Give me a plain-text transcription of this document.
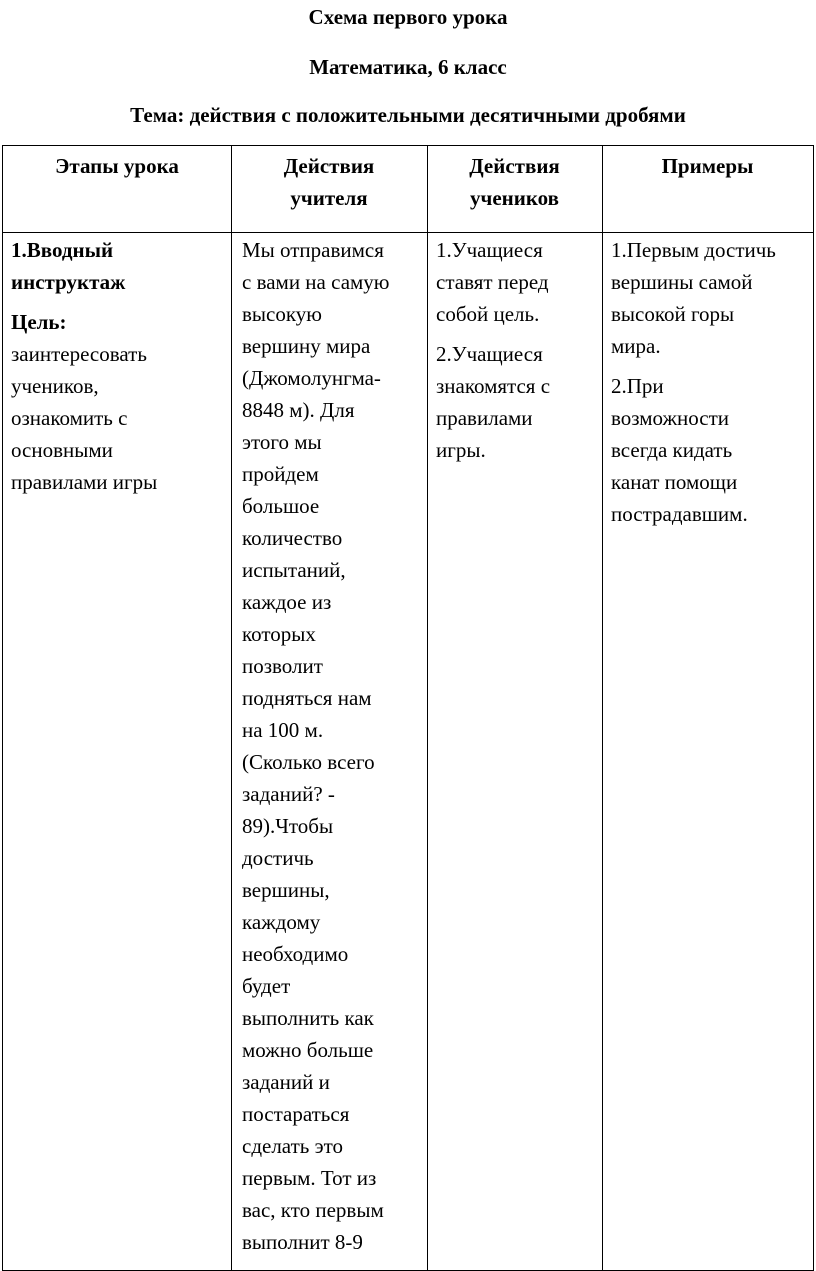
Схема первого урока
Математика, 6 класс
Тема: действия с положительными десятичными дробями
Этапы урока	Действия
учителя
Действия
учеников
Примеры
1.Вводный
инструктаж
Цель:
заинтересовать
учеников,
ознакомить с
основными
правилами игры
Мы отправимся
с вами на самую
высокую
вершину мира
(Джомолунгма-
8848 м). Для
этого мы
пройдем
большое
количество
испытаний,
каждое из
которых
позволит
подняться нам
на 100 м.
(Сколько всего
заданий? -
89).Чтобы
достичь
вершины,
каждому
необходимо
будет
выполнить как
можно больше
заданий и
постараться
сделать это
первым. Тот из
вас, кто первым
выполнит 8-9
1.Учащиеся
ставят перед
собой цель.
2.Учащиеся
знакомятся с
правилами
игры.
1.Первым достичь
вершины самой
высокой горы
мира.
2.При
возможности
всегда кидать
канат помощи
пострадавшим.
